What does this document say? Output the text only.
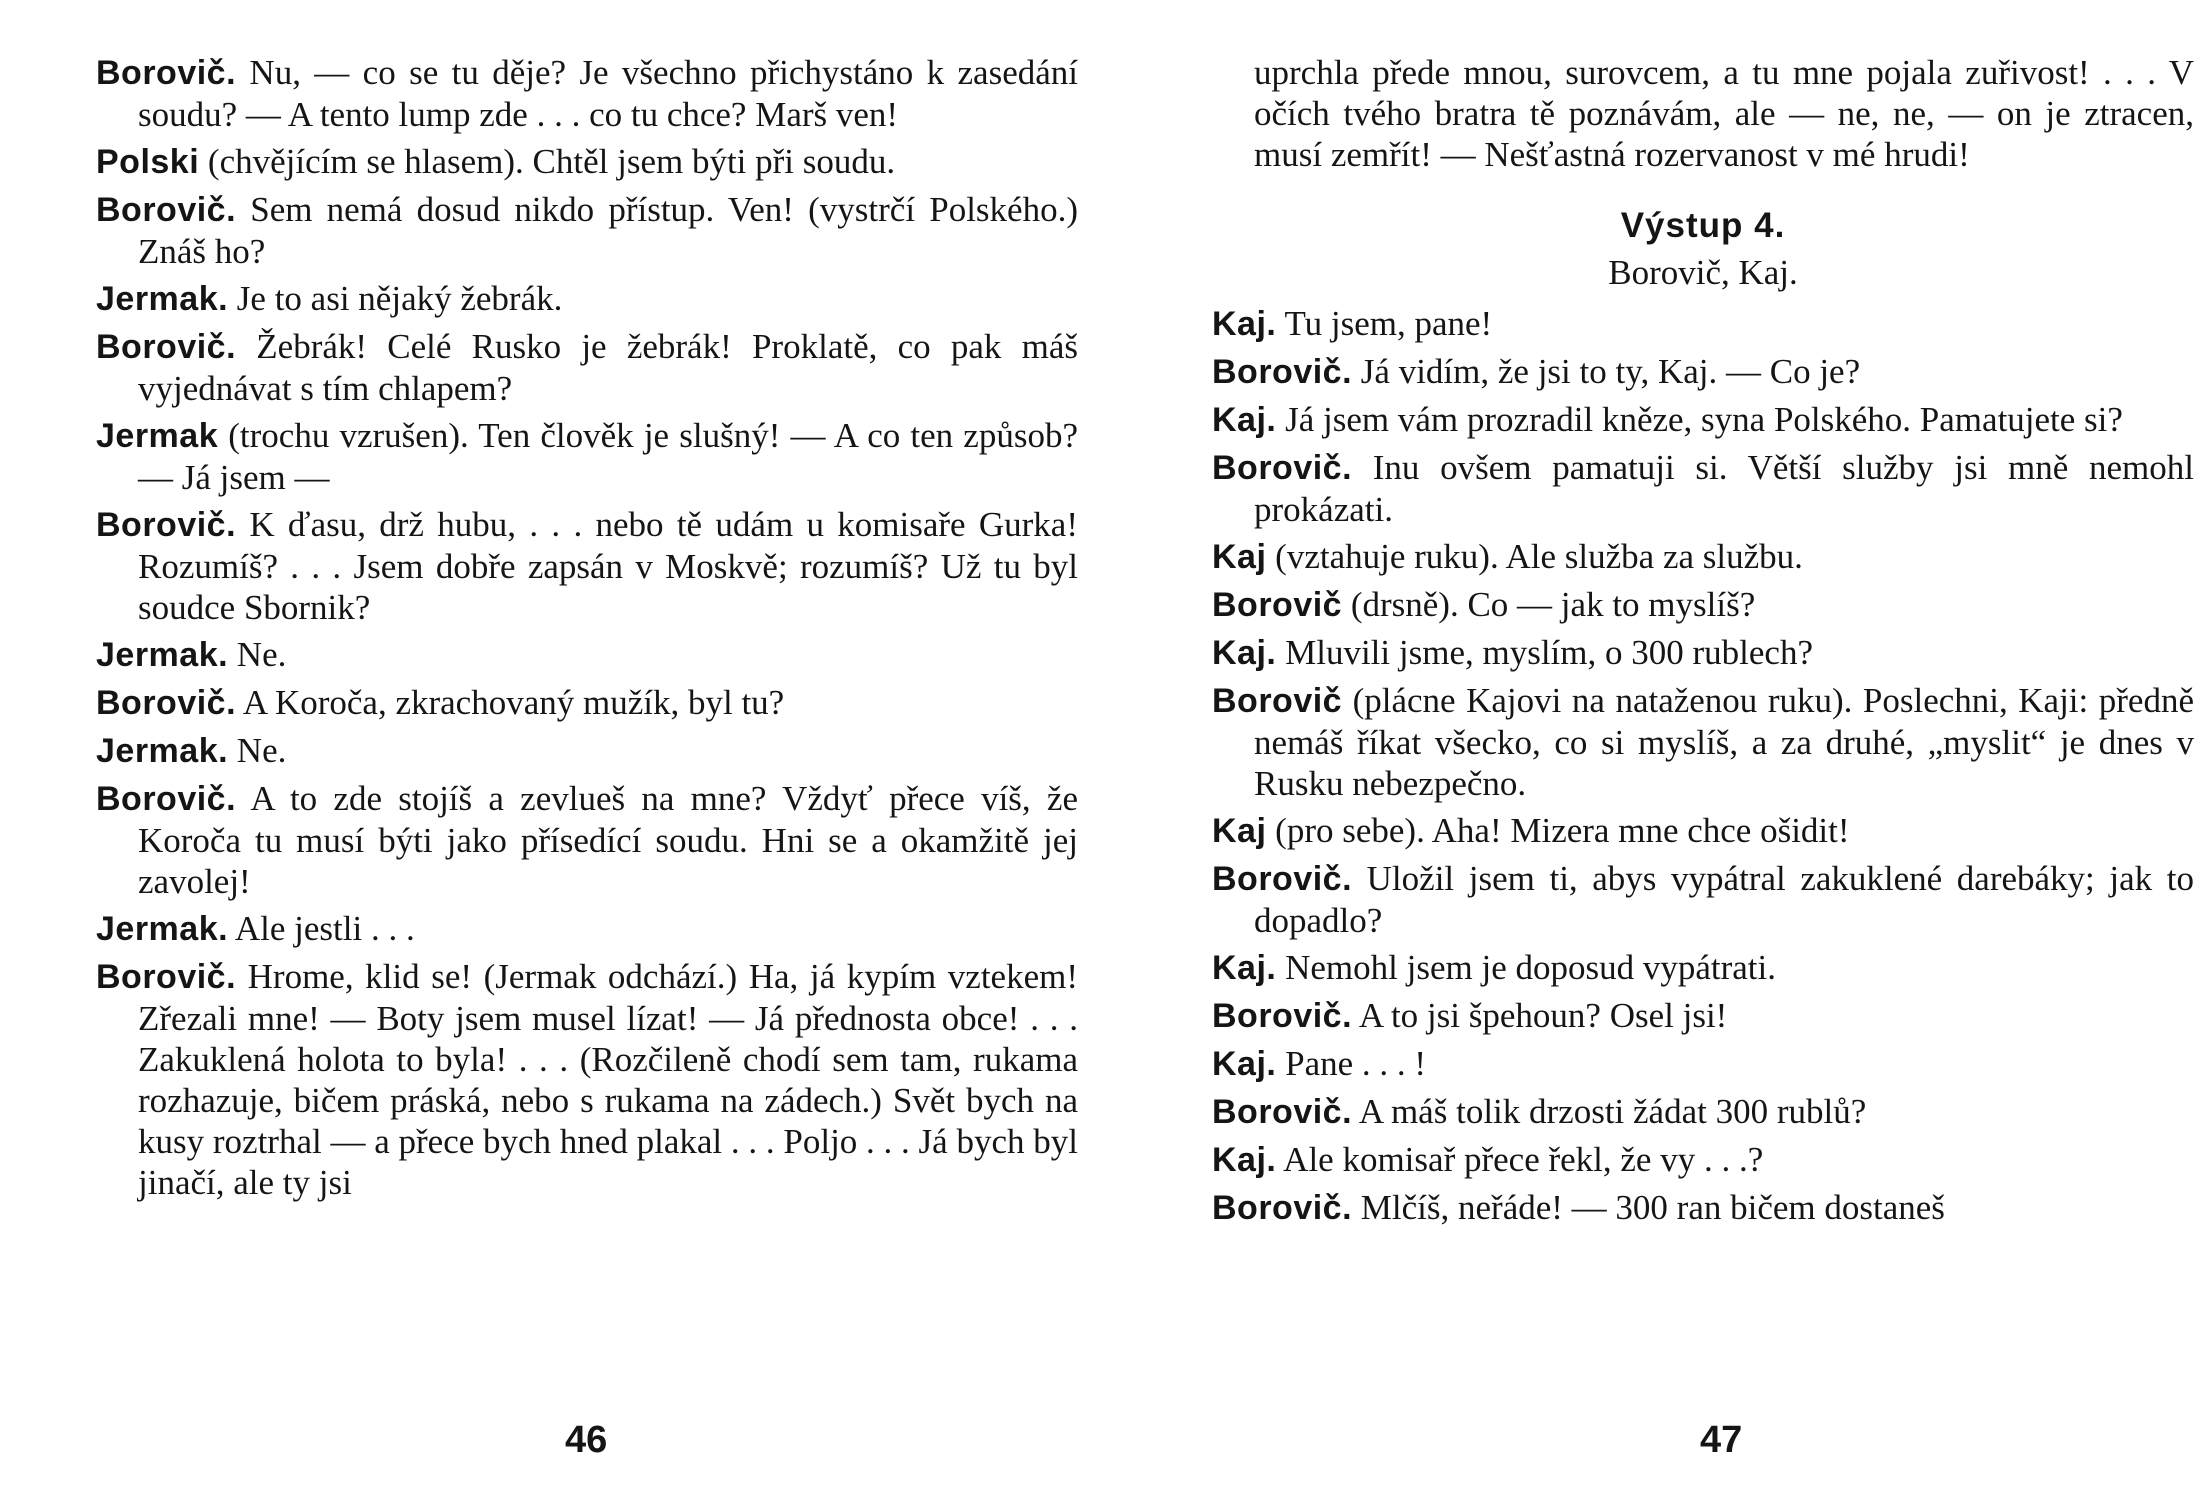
Borovič. Nu, — co se tu děje? Je všechno přichystáno k zasedání soudu? — A tento lump zde . . . co tu chce? Marš ven!

Polski (chvějícím se hlasem). Chtěl jsem býti při soudu.

Borovič. Sem nemá dosud nikdo přístup. Ven! (vystrčí Polského.) Znáš ho?

Jermak. Je to asi nějaký žebrák.

Borovič. Žebrák! Celé Rusko je žebrák! Proklatě, co pak máš vyjednávat s tím chlapem?

Jermak (trochu vzrušen). Ten člověk je slušný! — A co ten způsob? — Já jsem —

Borovič. K ďasu, drž hubu, . . . nebo tě udám u komisaře Gurka! Rozumíš? . . . Jsem dobře zapsán v Moskvě; rozumíš? Už tu byl soudce Sbornik?

Jermak. Ne.

Borovič. A Koroča, zkrachovaný mužík, byl tu?

Jermak. Ne.

Borovič. A to zde stojíš a zevlueš na mne? Vždyť přece víš, že Koroča tu musí býti jako přísedící soudu. Hni se a okamžitě jej zavolej!

Jermak. Ale jestli . . .

Borovič. Hrome, klid se! (Jermak odchází.) Ha, já kypím vztekem! Zřezali mne! — Boty jsem musel lízat! — Já přednosta obce! . . . Zakuklená holota to byla! . . . (Rozčileně chodí sem tam, rukama rozhazuje, bičem práská, nebo s rukama na zádech.) Svět bych na kusy roztrhal — a přece bych hned plakal . . . Poljo . . . Já bych byl jinačí, ale ty jsi

46

uprchla přede mnou, surovcem, a tu mne pojala zuřivost! . . . V očích tvého bratra tě poznávám, ale — ne, ne, — on je ztracen, musí zemřít! — Nešťastná rozervanost v mé hrudi!

Výstup 4.

Borovič, Kaj.

Kaj. Tu jsem, pane!

Borovič. Já vidím, že jsi to ty, Kaj. — Co je?

Kaj. Já jsem vám prozradil kněze, syna Polského. Pamatujete si?

Borovič. Inu ovšem pamatuji si. Větší služby jsi mně nemohl prokázati.

Kaj (vztahuje ruku). Ale služba za službu.

Borovič (drsně). Co — jak to myslíš?

Kaj. Mluvili jsme, myslím, o 300 rublech?

Borovič (plácne Kajovi na nataženou ruku). Poslechni, Kaji: předně nemáš říkat všecko, co si myslíš, a za druhé, „myslit“ je dnes v Rusku nebezpečno.

Kaj (pro sebe). Aha! Mizera mne chce ošidit!

Borovič. Uložil jsem ti, abys vypátral zakuklené darebáky; jak to dopadlo?

Kaj. Nemohl jsem je doposud vypátrati.

Borovič. A to jsi špehoun? Osel jsi!

Kaj. Pane . . . !

Borovič. A máš tolik drzosti žádat 300 rublů?

Kaj. Ale komisař přece řekl, že vy . . .?

Borovič. Mlčíš, neřáde! — 300 ran bičem dostaneš

47
